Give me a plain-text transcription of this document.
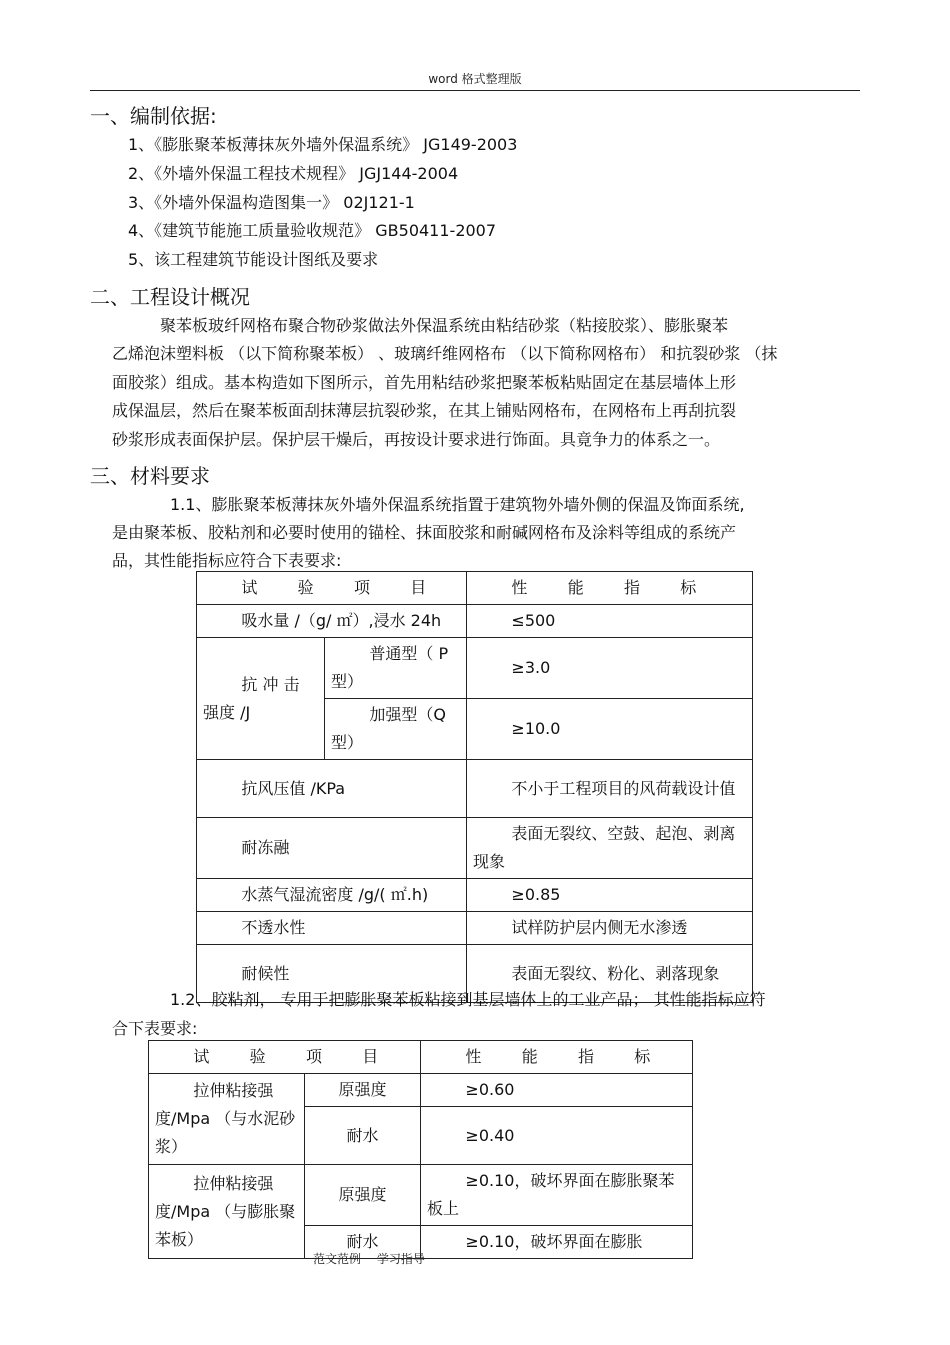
word 格式整理版
一、编制依据:
1、《膨胀聚苯板薄抹灰外墙外保温系统》 JG149-2003
2、《外墙外保温工程技术规程》 JGJ144-2004
3、《外墙外保温构造图集一》 02J121-1
4、《建筑节能施工质量验收规范》 GB50411-2007
5、该工程建筑节能设计图纸及要求
二、工程设计概况
聚苯板玻纤网格布聚合物砂浆做法外保温系统由粘结砂浆（粘接胶浆）、膨胀聚苯
乙烯泡沫塑料板 （以下简称聚苯板） 、玻璃纤维网格布 （以下简称网格布） 和抗裂砂浆 （抹
面胶浆）组成。基本构造如下图所示，首先用粘结砂浆把聚苯板粘贴固定在基层墙体上形
成保温层，然后在聚苯板面刮抹薄层抗裂砂浆，在其上铺贴网格布，在网格布上再刮抗裂
砂浆形成表面保护层。保护层干燥后，再按设计要求进行饰面。具竟争力的体系之一。
三、材料要求
1.1、膨胀聚苯板薄抹灰外墙外保温系统指置于建筑物外墙外侧的保温及饰面系统,
是由聚苯板、胶粘剂和必要时使用的锚栓、抹面胶浆和耐碱网格布及涂料等组成的系统产
品，其性能指标应符合下表要求:
试 验 项 目		性 能 指 标
吸水量 /（g/ ㎡）,浸水 24h		≤500
抗 冲 击 强度 /J	普通型（ P 型）	≥3.0
	加强型（Q 型）	≥10.0
抗风压值 /KPa		不小于工程项目的风荷载设计值
耐冻融		表面无裂纹、空鼓、起泡、剥离现象
水蒸气湿流密度 /g/( ㎡.h)		≥0.85
不透水性		试样防护层内侧无水渗透
耐候性		表面无裂纹、粉化、剥落现象
1.2、胶粘剂， 专用于把膨胀聚苯板粘接到基层墙体上的工业产品； 其性能指标应符
合下表要求:
试 验 项 目		性 能 指 标
拉伸粘接强度/Mpa （与水泥砂浆）	原强度	≥0.60
	耐水	≥0.40
拉伸粘接强度/Mpa （与膨胀聚苯板）	原强度	≥0.10，破坏界面在膨胀聚苯板上
	耐水	≥0.10，破坏界面在膨胀
范文范例 学习指导
